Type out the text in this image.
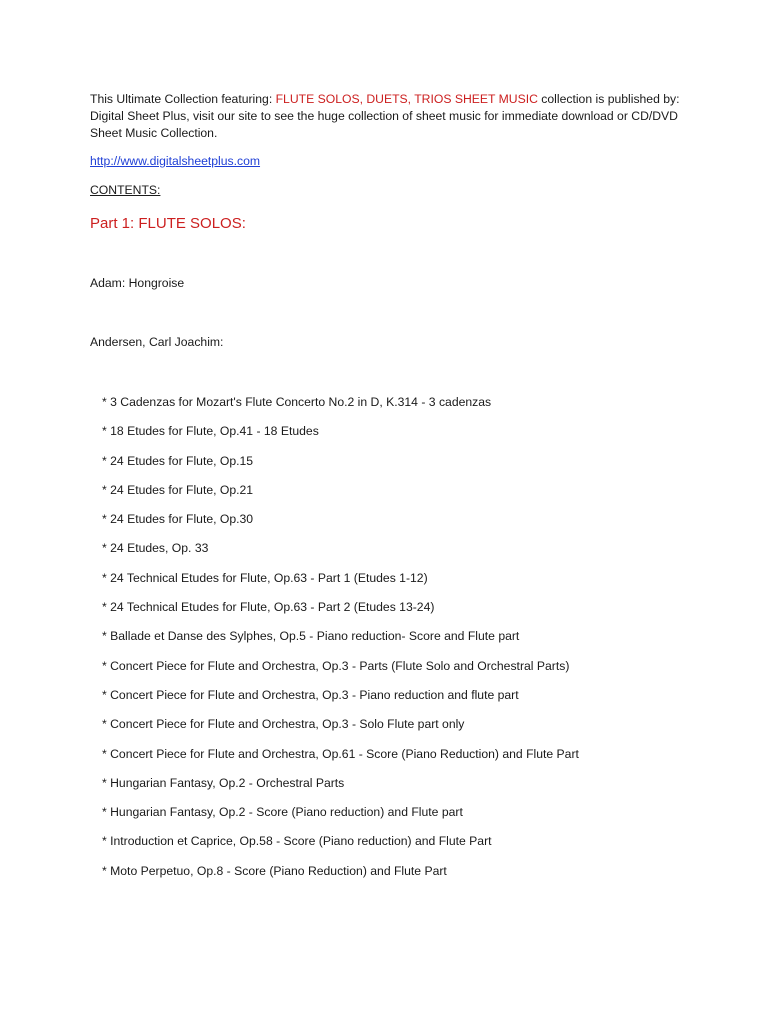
This Ultimate Collection featuring: FLUTE SOLOS, DUETS, TRIOS SHEET MUSIC collection is published by: Digital Sheet Plus, visit our site to see the huge collection of sheet music for immediate download or CD/DVD Sheet Music Collection.
http://www.digitalsheetplus.com
CONTENTS:
Part 1: FLUTE SOLOS:
Adam: Hongroise
Andersen, Carl Joachim:
* 3 Cadenzas for Mozart's Flute Concerto No.2 in D, K.314 - 3 cadenzas
* 18 Etudes for Flute, Op.41 - 18 Etudes
* 24 Etudes for Flute, Op.15
* 24 Etudes for Flute, Op.21
* 24 Etudes for Flute, Op.30
* 24 Etudes, Op. 33
* 24 Technical Etudes for Flute, Op.63 - Part 1 (Etudes 1-12)
* 24 Technical Etudes for Flute, Op.63 - Part 2 (Etudes 13-24)
* Ballade et Danse des Sylphes, Op.5 - Piano reduction- Score and Flute part
* Concert Piece for Flute and Orchestra, Op.3 - Parts (Flute Solo and Orchestral Parts)
* Concert Piece for Flute and Orchestra, Op.3 - Piano reduction and flute part
* Concert Piece for Flute and Orchestra, Op.3 - Solo Flute part only
* Concert Piece for Flute and Orchestra, Op.61 - Score (Piano Reduction) and Flute Part
* Hungarian Fantasy, Op.2 - Orchestral Parts
* Hungarian Fantasy, Op.2 - Score (Piano reduction) and Flute part
* Introduction et Caprice, Op.58 - Score (Piano reduction) and Flute Part
* Moto Perpetuo, Op.8 - Score (Piano Reduction) and Flute Part
